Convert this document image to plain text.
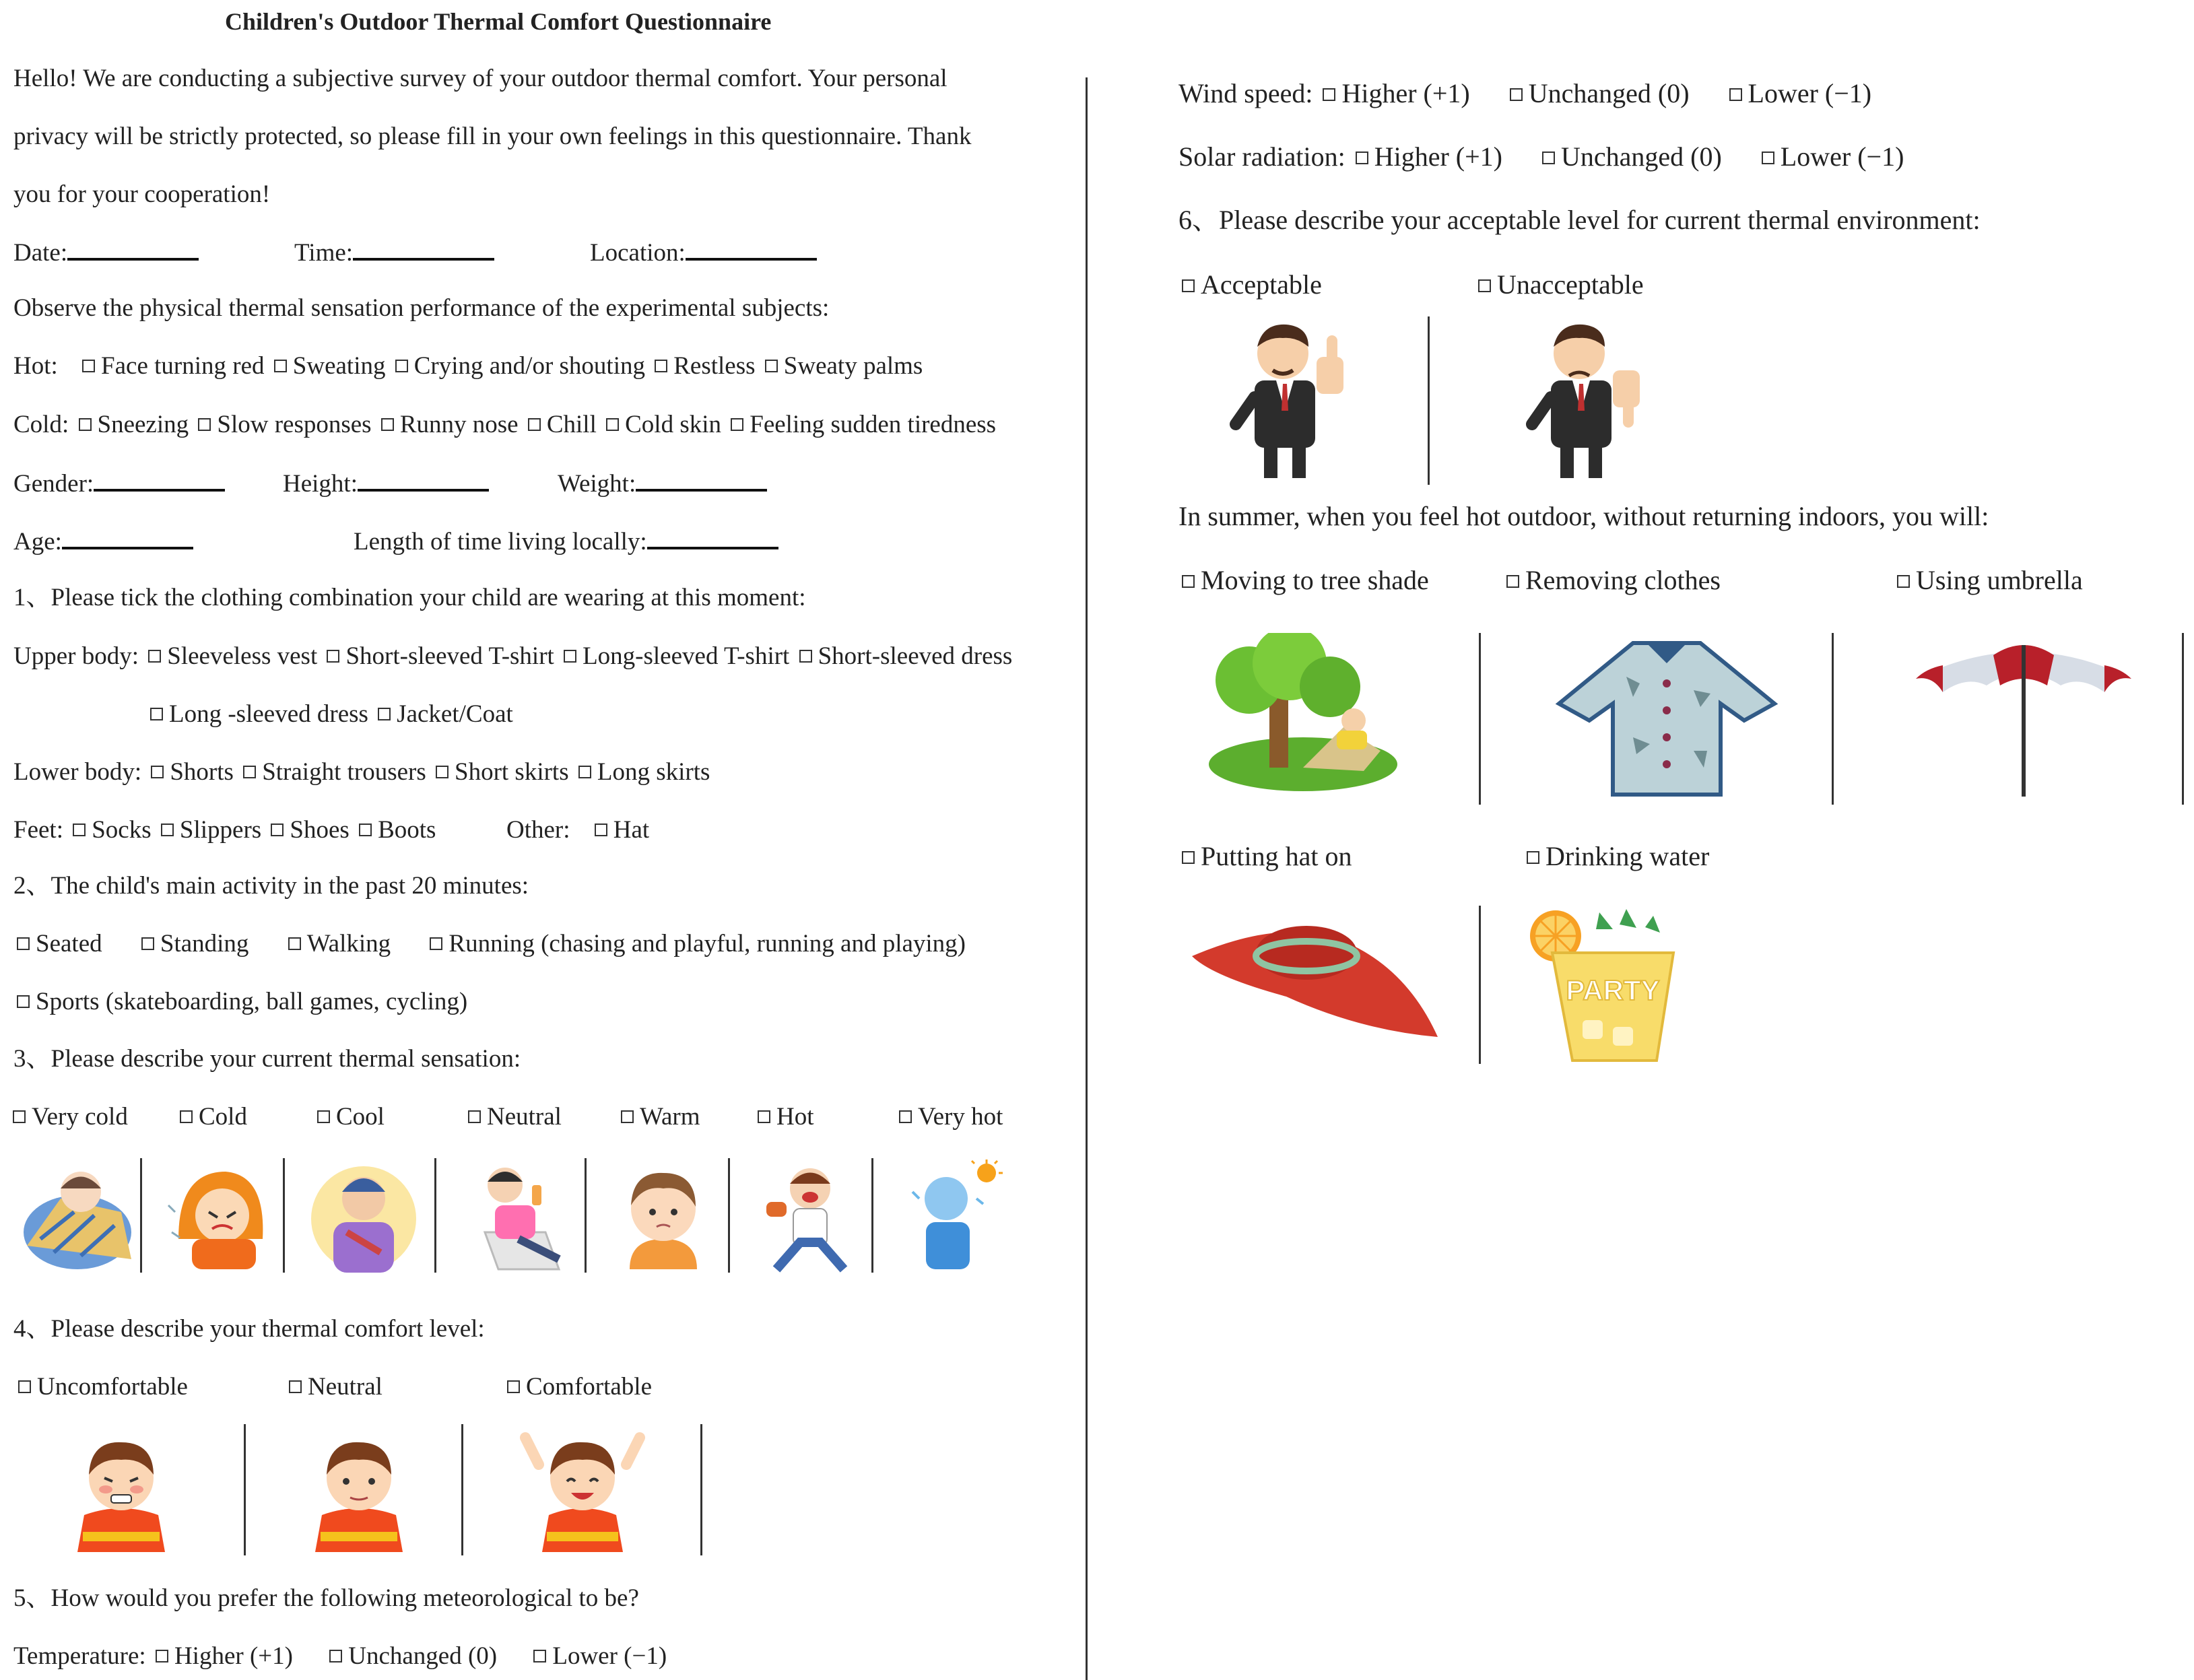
Children's Outdoor Thermal Comfort Questionnaire
Hello! We are conducting a subjective survey of your outdoor thermal comfort. Your personal
privacy will be strictly protected, so please fill in your own feelings in this questionnaire. Thank
you for your cooperation!
Date:	Time:	Location:
Observe the physical thermal sensation performance of the experimental subjects:
Hot: Face turning red Sweating Crying and/or shouting Restless Sweaty palms
Cold: Sneezing Slow responses Runny nose Chill Cold skin Feeling sudden tiredness
Gender:	Height:	Weight:
Age:	Length of time living locally:
1、Please tick the clothing combination your child are wearing at this moment:
Upper body: Sleeveless vest Short-sleeved T-shirt Long-sleeved T-shirt Short-sleeved dress
Long -sleeved dress Jacket/Coat
Lower body: Shorts Straight trousers Short skirts Long skirts
Feet: Socks Slippers Shoes Boots	Other: Hat
2、The child's main activity in the past 20 minutes:
Seated Standing Walking Running (chasing and playful, running and playing)
Sports (skateboarding, ball games, cycling)
3、Please describe your current thermal sensation:
Very cold	Cold	Cool	Neutral	Warm	Hot	Very hot
4、Please describe your thermal comfort level:
Uncomfortable	Neutral	Comfortable
5、How would you prefer the following meteorological to be?
Temperature: Higher (+1) Unchanged (0) Lower (−1)
Wind speed: Higher (+1) Unchanged (0) Lower (−1)
Solar radiation: Higher (+1) Unchanged (0) Lower (−1)
6、Please describe your acceptable level for current thermal environment:
Acceptable	Unacceptable
In summer, when you feel hot outdoor, without returning indoors, you will:
Moving to tree shade	Removing clothes	Using umbrella
Putting hat on	Drinking water
PARTY
